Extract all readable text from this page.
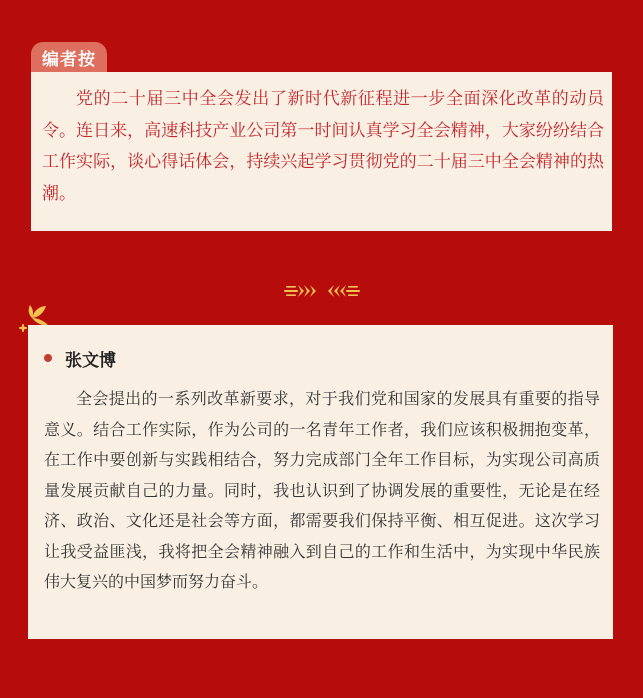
编者按

党的二十届三中全会发出了新时代新征程进一步全面深化改革的动员令。连日来，高速科技产业公司第一时间认真学习全会精神，大家纷纷结合工作实际，谈心得话体会，持续兴起学习贯彻党的二十届三中全会精神的热潮。

张文博

全会提出的一系列改革新要求，对于我们党和国家的发展具有重要的指导意义。结合工作实际，作为公司的一名青年工作者，我们应该积极拥抱变革，在工作中要创新与实践相结合，努力完成部门全年工作目标，为实现公司高质量发展贡献自己的力量。同时，我也认识到了协调发展的重要性，无论是在经济、政治、文化还是社会等方面，都需要我们保持平衡、相互促进。这次学习让我受益匪浅，我将把全会精神融入到自己的工作和生活中，为实现中华民族伟大复兴的中国梦而努力奋斗。
